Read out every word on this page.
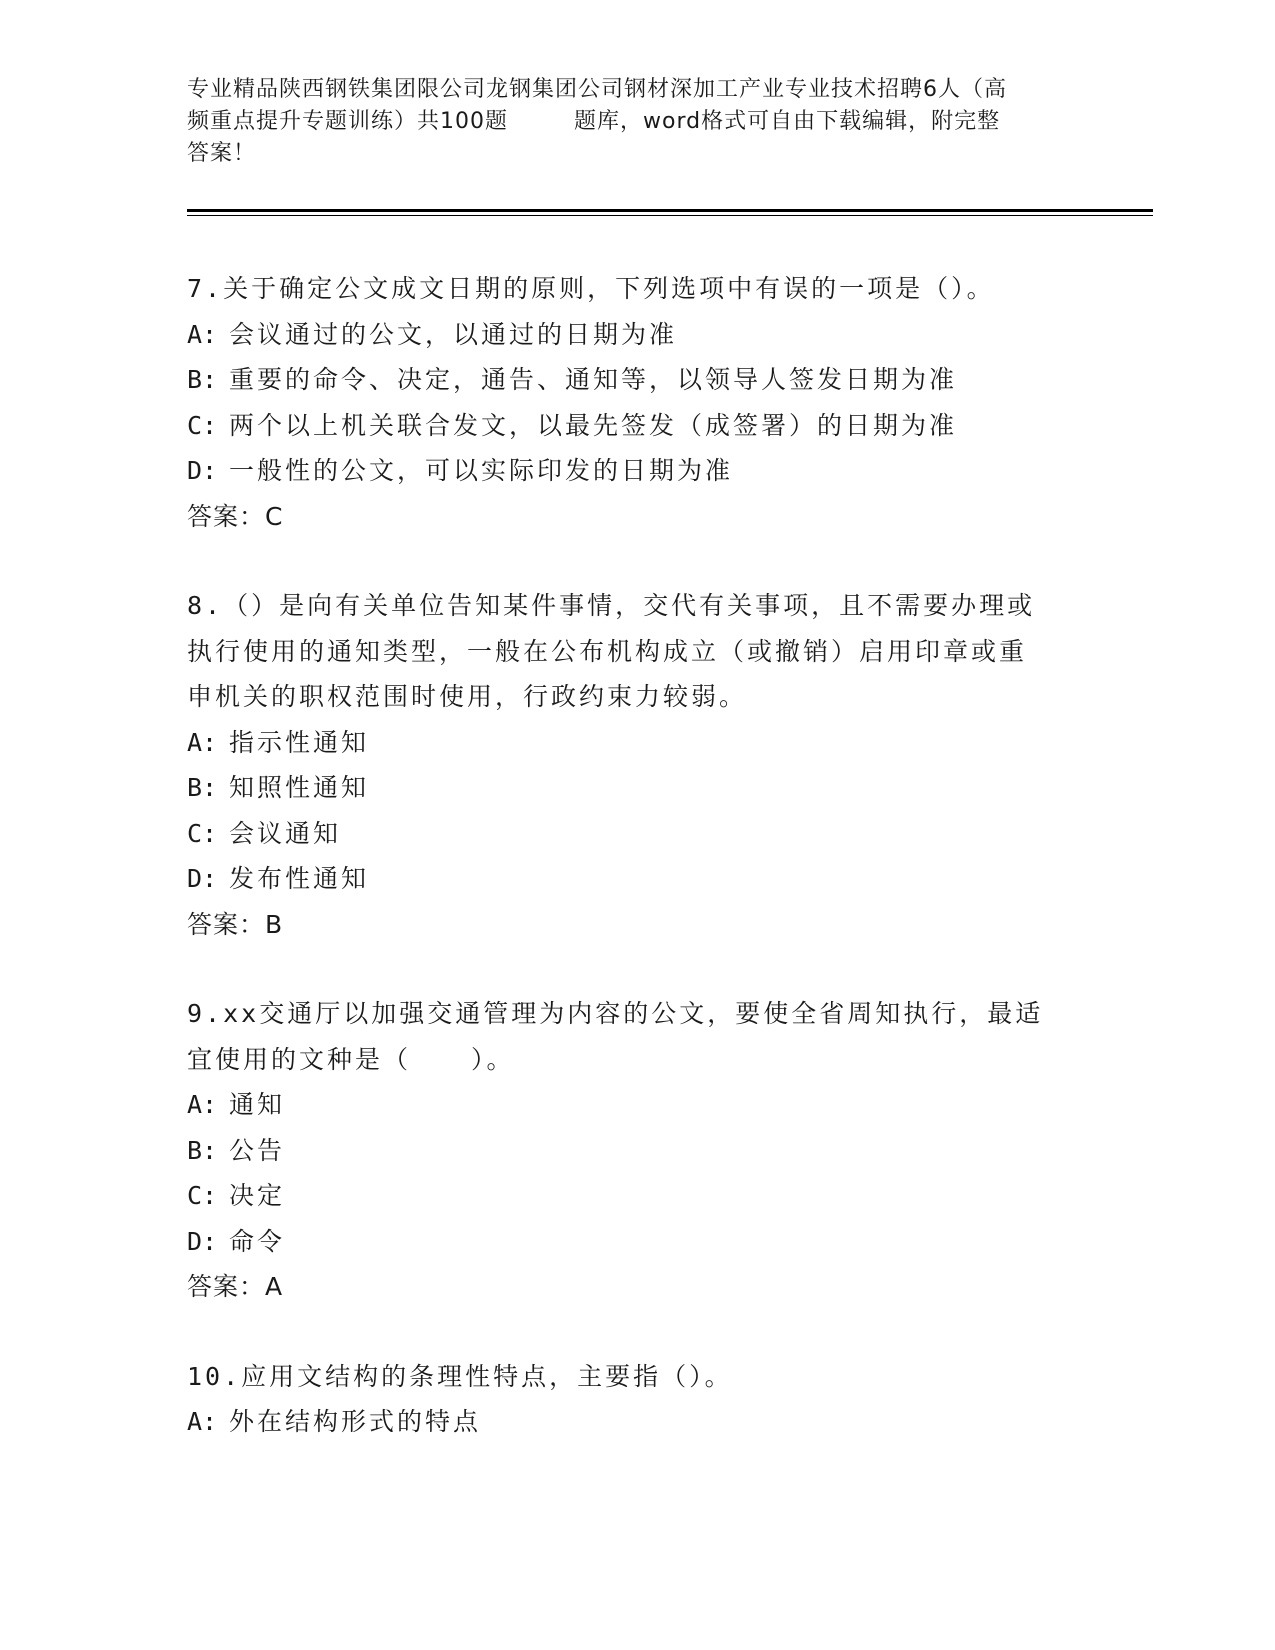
专业精品陕西钢铁集团限公司龙钢集团公司钢材深加工产业专业技术招聘6人（高
频重点提升专题训练）共100题	题库，word格式可自由下载编辑，附完整
答案！

7.关于确定公文成文日期的原则，下列选项中有误的一项是（）。

A: 会议通过的公文，以通过的日期为准

B: 重要的命令、决定，通告、通知等，以领导人签发日期为准

C: 两个以上机关联合发文，以最先签发（成签署）的日期为准

D: 一般性的公文，可以实际印发的日期为准

答案：C

8.（）是向有关单位告知某件事情，交代有关事项，且不需要办理或

执行使用的通知类型，一般在公布机构成立（或撤销）启用印章或重

申机关的职权范围时使用，行政约束力较弱。

A: 指示性通知

B: 知照性通知

C: 会议通知

D: 发布性通知

答案：B

9.xx交通厅以加强交通管理为内容的公文，要使全省周知执行，最适

宜使用的文种是（ ）。

A: 通知

B: 公告

C: 决定

D: 命令

答案：A

10.应用文结构的条理性特点，主要指（）。

A: 外在结构形式的特点
